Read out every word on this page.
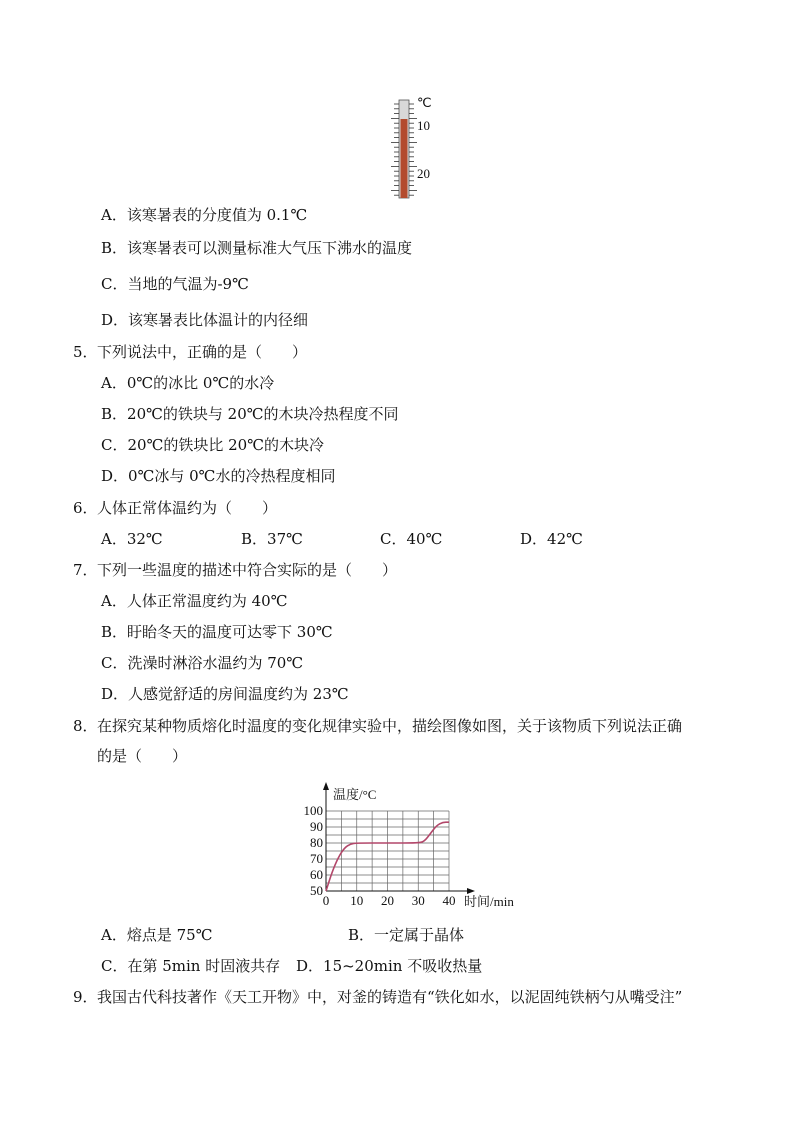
℃
10
20
A．该寒暑表的分度值为 0.1℃
B．该寒暑表可以测量标准大气压下沸水的温度
C．当地的气温为-9℃
D．该寒暑表比体温计的内径细
5．下列说法中，正确的是（　　）
A．0℃的冰比 0℃的水冷
B．20℃的铁块与 20℃的木块冷热程度不同
C．20℃的铁块比 20℃的木块冷
D．0℃冰与 0℃水的冷热程度相同
6．人体正常体温约为（　　）
A．32℃	B．37℃	C．40℃	D．42℃
7．下列一些温度的描述中符合实际的是（　　）
A．人体正常温度约为 40℃
B．盱眙冬天的温度可达零下 30℃
C．洗澡时淋浴水温约为 70℃
D．人感觉舒适的房间温度约为 23℃
8．在探究某种物质熔化时温度的变化规律实验中，描绘图像如图，关于该物质下列说法正确
的是（　　）
0 10 20 30 40
50
60
70
80
90
100
温度/°C
时间/min
A．熔点是 75℃	B．一定属于晶体
C．在第 5min 时固液共存 D．15~20min 不吸收热量
9．我国古代科技著作《天工开物》中，对釜的铸造有“铁化如水，以泥固纯铁柄勺从嘴受注”
